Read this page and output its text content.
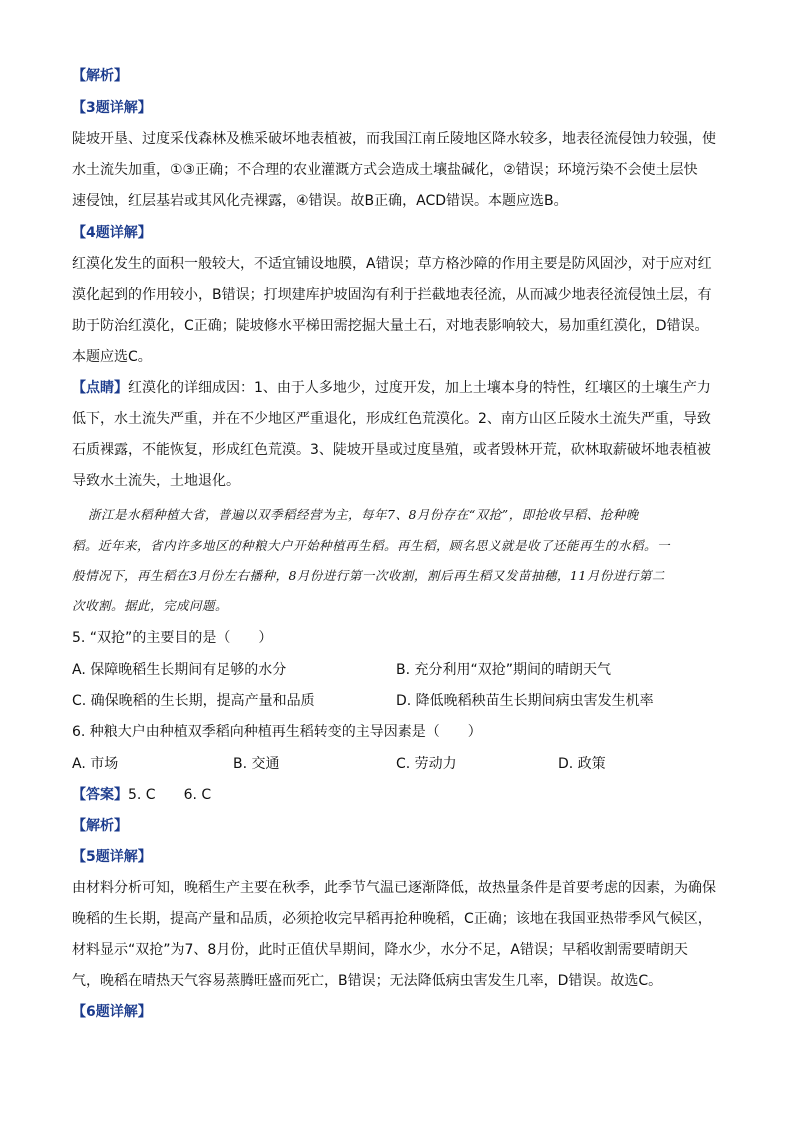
【解析】
【3题详解】
陡坡开垦、过度采伐森林及樵采破坏地表植被，而我国江南丘陵地区降水较多，地表径流侵蚀力较强，使
水土流失加重，①③正确；不合理的农业灌溉方式会造成土壤盐碱化，②错误；环境污染不会使土层快
速侵蚀，红层基岩或其风化壳裸露，④错误。故B正确，ACD错误。本题应选B。
【4题详解】
红漠化发生的面积一般较大，不适宜铺设地膜，A错误；草方格沙障的作用主要是防风固沙，对于应对红
漠化起到的作用较小，B错误；打坝建库护坡固沟有利于拦截地表径流，从而减少地表径流侵蚀土层，有
助于防治红漠化，C正确；陡坡修水平梯田需挖掘大量土石，对地表影响较大，易加重红漠化，D错误。
本题应选C。
【点睛】红漠化的详细成因：1、由于人多地少，过度开发，加上土壤本身的特性，红壤区的土壤生产力
低下，水土流失严重，并在不少地区严重退化，形成红色荒漠化。2、南方山区丘陵水土流失严重，导致
石质裸露，不能恢复，形成红色荒漠。3、陡坡开垦或过度垦殖，或者毁林开荒，砍林取薪破坏地表植被
导致水土流失，土地退化。
浙江是水稻种植大省，普遍以双季稻经营为主，每年7、8月份存在“双抢”，即抢收早稻、抢种晚
稻。近年来，省内许多地区的种粮大户开始种植再生稻。再生稻，顾名思义就是收了还能再生的水稻。一
般情况下，再生稻在3月份左右播种，8月份进行第一次收割，割后再生稻又发苗抽穗，11月份进行第二
次收割。据此，完成问题。
5. “双抢”的主要目的是（　　）
A. 保障晚稻生长期间有足够的水分	B. 充分利用“双抢”期间的晴朗天气
C. 确保晚稻的生长期，提高产量和品质	D. 降低晚稻秧苗生长期间病虫害发生机率
6. 种粮大户由种植双季稻向种植再生稻转变的主导因素是（　　）
A. 市场	B. 交通	C. 劳动力	D. 政策
【答案】5. C　　6. C
【解析】
【5题详解】
由材料分析可知，晚稻生产主要在秋季，此季节气温已逐渐降低，故热量条件是首要考虑的因素，为确保
晚稻的生长期，提高产量和品质，必须抢收完早稻再抢种晚稻，C正确；该地在我国亚热带季风气候区，
材料显示“双抢”为7、8月份，此时正值伏旱期间，降水少，水分不足，A错误；早稻收割需要晴朗天
气，晚稻在晴热天气容易蒸腾旺盛而死亡，B错误；无法降低病虫害发生几率，D错误。故选C。
【6题详解】
